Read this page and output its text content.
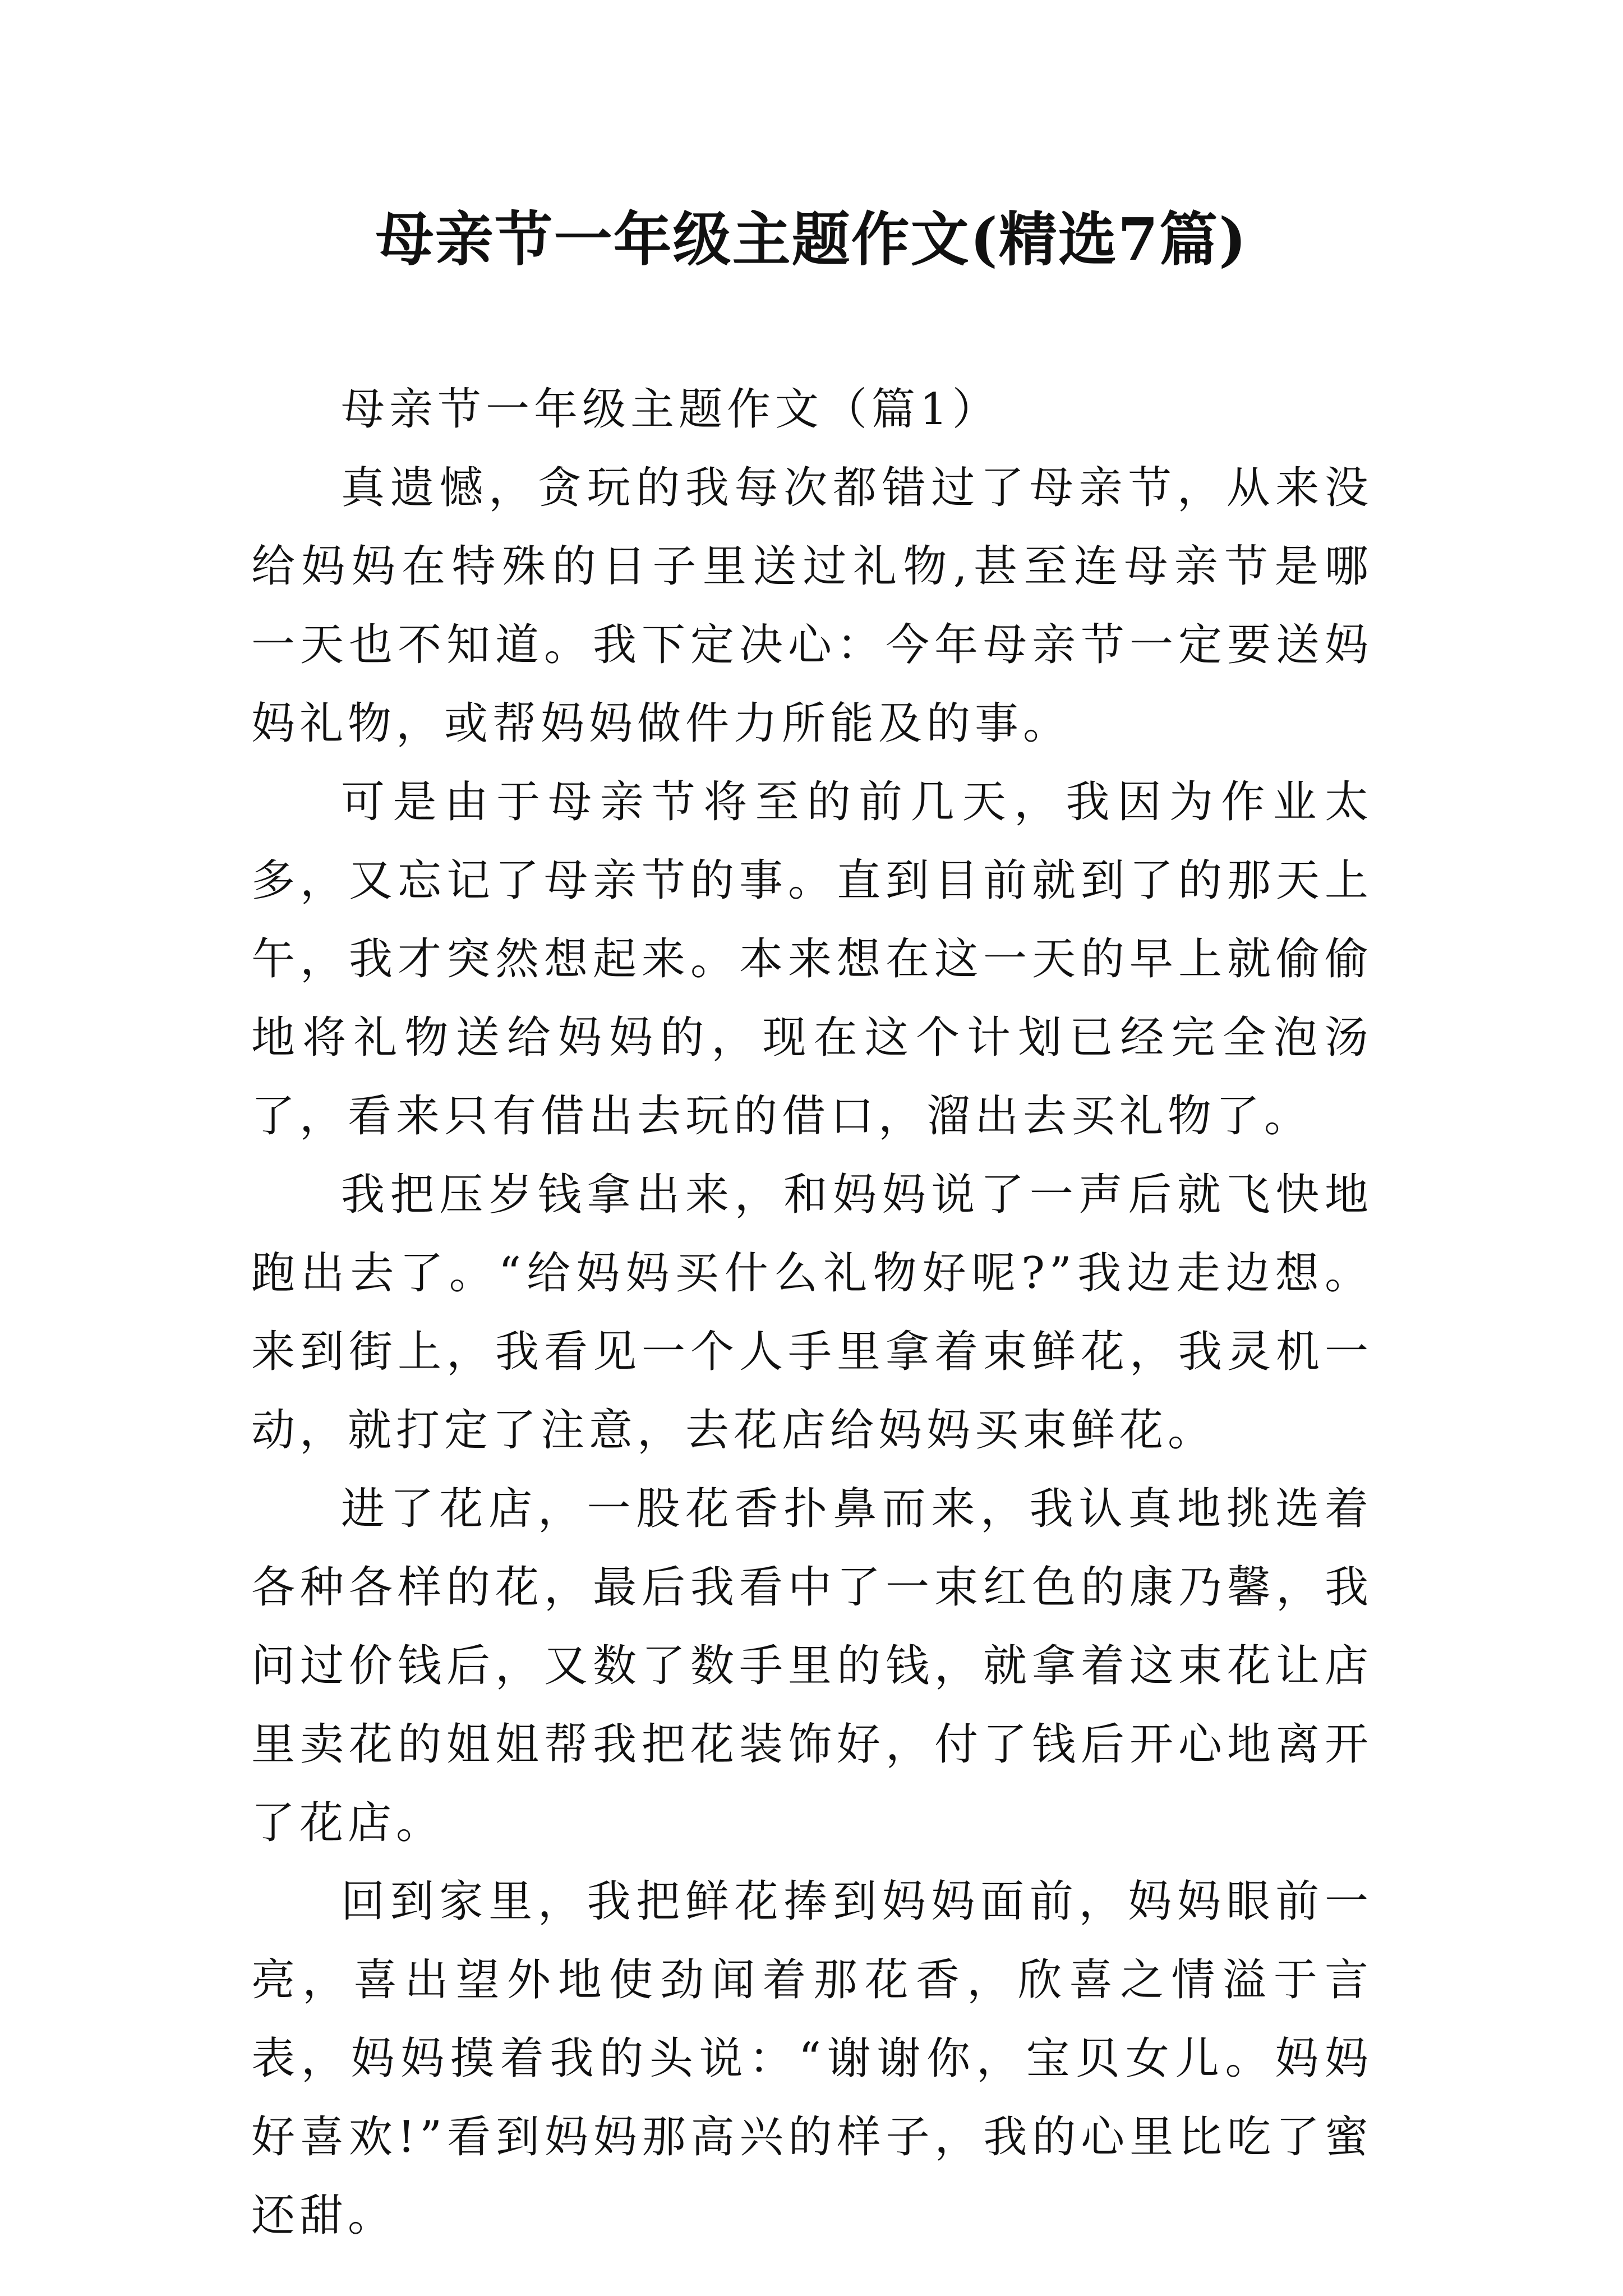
母亲节一年级主题作文(精选7篇)

母亲节一年级主题作文（篇1）

真遗憾，贪玩的我每次都错过了母亲节，从来没给妈妈在特殊的日子里送过礼物,甚至连母亲节是哪一天也不知道。我下定决心：今年母亲节一定要送妈妈礼物，或帮妈妈做件力所能及的事。

可是由于母亲节将至的前几天，我因为作业太多，又忘记了母亲节的事。直到目前就到了的那天上午，我才突然想起来。本来想在这一天的早上就偷偷地将礼物送给妈妈的，现在这个计划已经完全泡汤了，看来只有借出去玩的借口，溜出去买礼物了。

我把压岁钱拿出来，和妈妈说了一声后就飞快地跑出去了。“给妈妈买什么礼物好呢?”我边走边想。来到街上，我看见一个人手里拿着束鲜花，我灵机一动，就打定了注意，去花店给妈妈买束鲜花。

进了花店，一股花香扑鼻而来，我认真地挑选着各种各样的花，最后我看中了一束红色的康乃馨，我问过价钱后，又数了数手里的钱，就拿着这束花让店里卖花的姐姐帮我把花装饰好，付了钱后开心地离开了花店。

回到家里，我把鲜花捧到妈妈面前，妈妈眼前一亮，喜出望外地使劲闻着那花香，欣喜之情溢于言表，妈妈摸着我的头说：“谢谢你，宝贝女儿。妈妈好喜欢!”看到妈妈那高兴的样子，我的心里比吃了蜜还甜。
